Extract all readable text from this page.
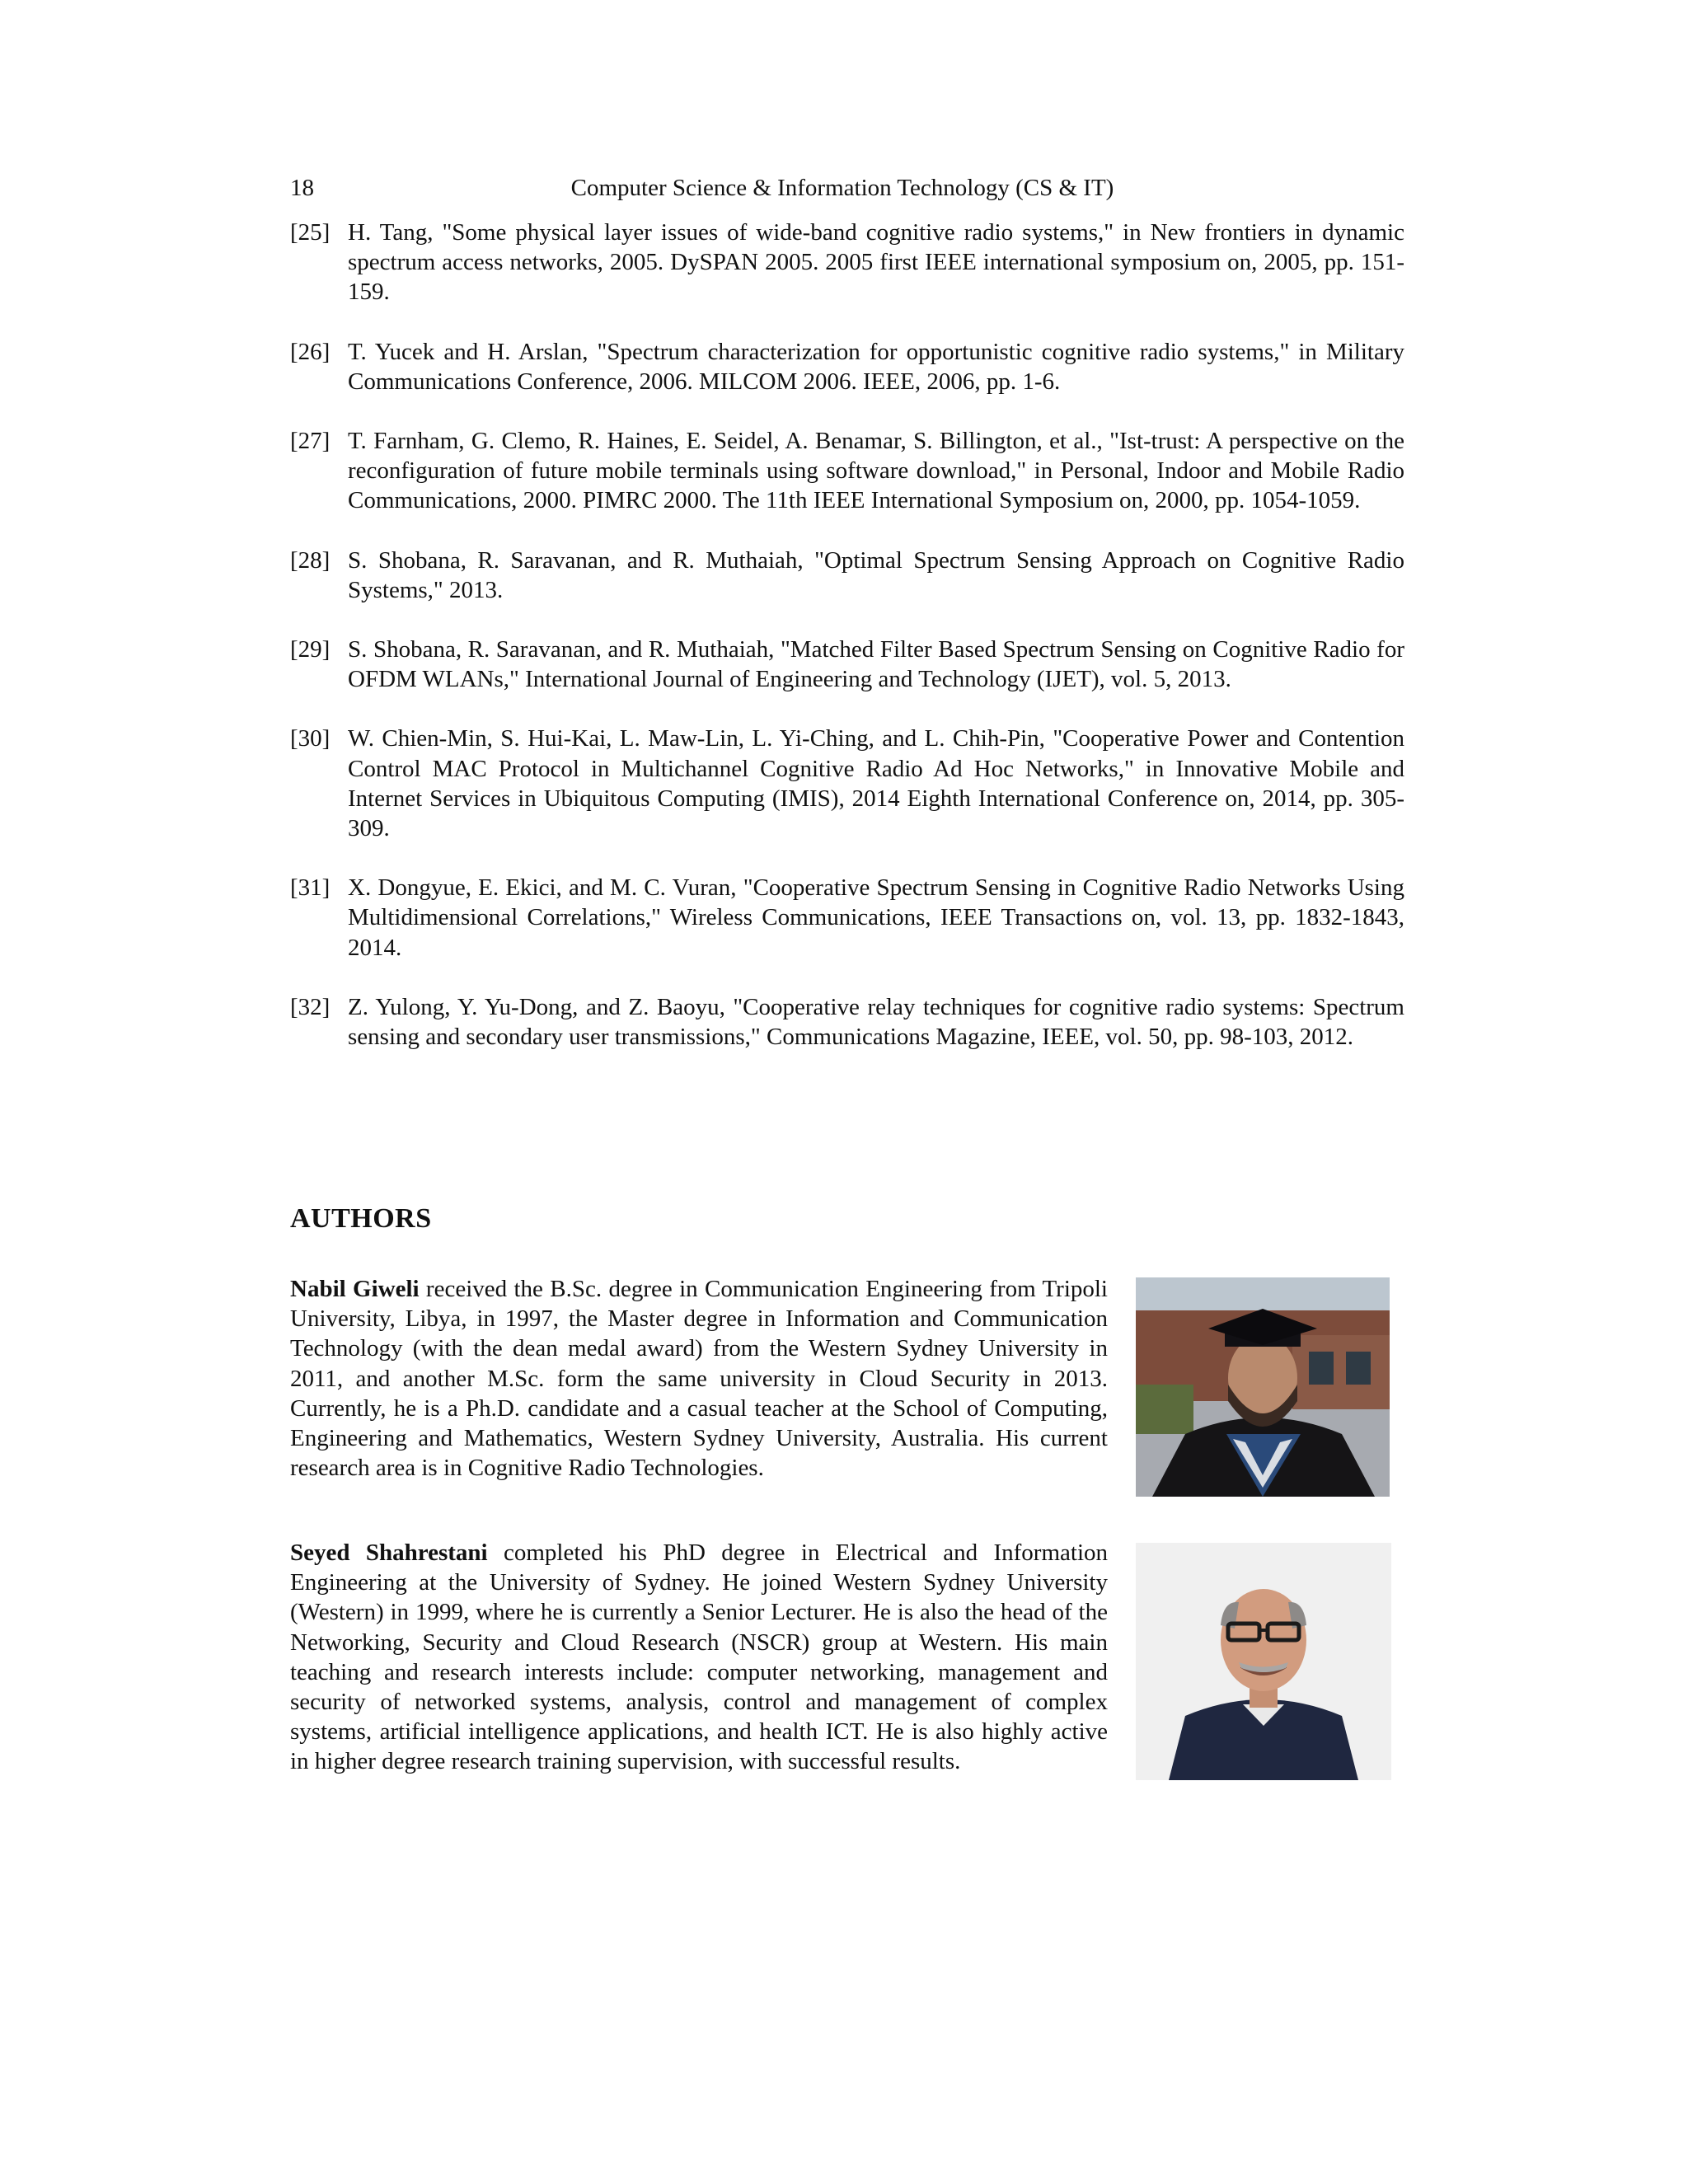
18	Computer Science & Information Technology (CS & IT)
[25] H. Tang, "Some physical layer issues of wide-band cognitive radio systems," in New frontiers in dynamic spectrum access networks, 2005. DySPAN 2005. 2005 first IEEE international symposium on, 2005, pp. 151-159.
[26] T. Yucek and H. Arslan, "Spectrum characterization for opportunistic cognitive radio systems," in Military Communications Conference, 2006. MILCOM 2006. IEEE, 2006, pp. 1-6.
[27] T. Farnham, G. Clemo, R. Haines, E. Seidel, A. Benamar, S. Billington, et al., "Ist-trust: A perspective on the reconfiguration of future mobile terminals using software download," in Personal, Indoor and Mobile Radio Communications, 2000. PIMRC 2000. The 11th IEEE International Symposium on, 2000, pp. 1054-1059.
[28] S. Shobana, R. Saravanan, and R. Muthaiah, "Optimal Spectrum Sensing Approach on Cognitive Radio Systems," 2013.
[29] S. Shobana, R. Saravanan, and R. Muthaiah, "Matched Filter Based Spectrum Sensing on Cognitive Radio for OFDM WLANs," International Journal of Engineering and Technology (IJET), vol. 5, 2013.
[30] W. Chien-Min, S. Hui-Kai, L. Maw-Lin, L. Yi-Ching, and L. Chih-Pin, "Cooperative Power and Contention Control MAC Protocol in Multichannel Cognitive Radio Ad Hoc Networks," in Innovative Mobile and Internet Services in Ubiquitous Computing (IMIS), 2014 Eighth International Conference on, 2014, pp. 305-309.
[31] X. Dongyue, E. Ekici, and M. C. Vuran, "Cooperative Spectrum Sensing in Cognitive Radio Networks Using Multidimensional Correlations," Wireless Communications, IEEE Transactions on, vol. 13, pp. 1832-1843, 2014.
[32] Z. Yulong, Y. Yu-Dong, and Z. Baoyu, "Cooperative relay techniques for cognitive radio systems: Spectrum sensing and secondary user transmissions," Communications Magazine, IEEE, vol. 50, pp. 98-103, 2012.
AUTHORS
Nabil Giweli received the B.Sc. degree in Communication Engineering from Tripoli University, Libya, in 1997, the Master degree in Information and Communication Technology (with the dean medal award) from the Western Sydney University in 2011, and another M.Sc. form the same university in Cloud Security in 2013. Currently, he is a Ph.D. candidate and a casual teacher at the School of Computing, Engineering and Mathematics, Western Sydney University, Australia. His current research area is in Cognitive Radio Technologies.
Seyed Shahrestani completed his PhD degree in Electrical and Information Engineering at the University of Sydney. He joined Western Sydney University (Western) in 1999, where he is currently a Senior Lecturer. He is also the head of the Networking, Security and Cloud Research (NSCR) group at Western. His main teaching and research interests include: computer networking, management and security of networked systems, analysis, control and management of complex systems, artificial intelligence applications, and health ICT. He is also highly active in higher degree research training supervision, with successful results.
